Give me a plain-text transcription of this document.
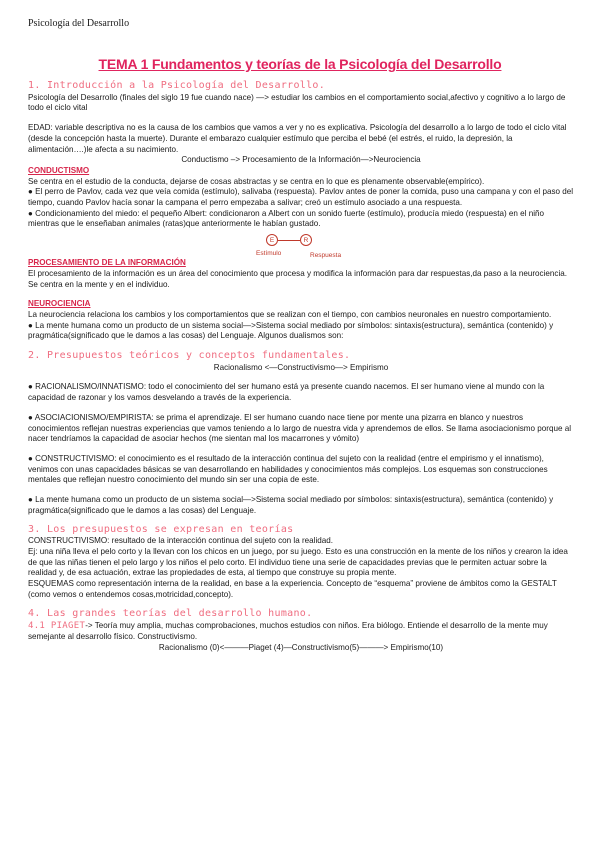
Psicología del Desarrollo
TEMA 1 Fundamentos y teorías de la Psicología del Desarrollo
1. Introducción a la Psicología del Desarrollo.

Psicología del Desarrollo (finales del siglo 19 fue cuando nace) —> estudiar los cambios en el comportamiento social,afectivo y cognitivo a lo largo de todo el ciclo vital

EDAD: variable descriptiva no es la causa de los cambios que vamos a ver y no es explicativa. Psicología del desarrollo a lo largo de todo el ciclo vital (desde la concepción hasta la muerte). Durante el embarazo cualquier estímulo que perciba el bebé (el estrés, el ruido, la depresión, la alimentación….)le afecta a su nacimiento.

Conductismo –> Procesamiento de la Información—>Neurociencia

CONDUCTISMO

Se centra en el estudio de la conducta, dejarse de cosas abstractas y se centra en lo que es plenamente observable(empírico).

● El perro de Pavlov, cada vez que veía comida (estímulo), salivaba (respuesta). Pavlov antes de poner la comida, puso una campana y con el paso del tiempo, cuando Pavlov hacía sonar la campana el perro empezaba a salivar; creó un estímulo asociado a una respuesta.

● Condicionamiento del miedo: el pequeño Albert: condicionaron a Albert con un sonido fuerte (estímulo), producía miedo (respuesta) en el niño mientras que le enseñaban animales (ratas)que anteriormente le habían gustado.

E	R
Estímulo	Respuesta
PROCESAMIENTO DE LA INFORMACIÓN

El procesamiento de la información es un área del conocimiento que procesa y modifica la información para dar respuestas,da paso a la neurociencia. Se centra en la mente y en el individuo.

NEUROCIENCIA

La neurociencia relaciona los cambios y los comportamientos que se realizan con el tiempo, con cambios neuronales en nuestro comportamiento.

● La mente humana como un producto de un sistema social—>Sistema social mediado por símbolos: sintaxis(estructura), semántica (contenido) y pragmática(significado que le damos a las cosas) del Lenguaje. Algunos dualismos son:

2. Presupuestos teóricos y conceptos fundamentales.

Racionalismo <—Constructivismo—> Empirismo

● RACIONALISMO/INNATISMO: todo el conocimiento del ser humano está ya presente cuando nacemos. El ser humano viene al mundo con la capacidad de razonar y los vamos desvelando a través de la experiencia.

● ASOCIACIONISMO/EMPIRISTA: se prima el aprendizaje. El ser humano cuando nace tiene por mente una pizarra en blanco y nuestros conocimientos reflejan nuestras experiencias que vamos teniendo a lo largo de nuestra vida y aprendemos de ellos. Se llama asociacionismo porque al nacer tendríamos la capacidad de asociar hechos (me sientan mal los macarrones y vómito)

● CONSTRUCTIVISMO: el conocimiento es el resultado de la interacción continua del sujeto con la realidad (entre el empirismo y el innatismo), venimos con unas capacidades básicas se van desarrollando en habilidades y conocimientos más complejos. Los esquemas son construcciones mentales que reflejan nuestro conocimiento del mundo sin ser una copia de este.

● La mente humana como un producto de un sistema social—>Sistema social mediado por símbolos: sintaxis(estructura), semántica (contenido) y pragmática(significado que le damos a las cosas) del Lenguaje.

3. Los presupuestos se expresan en teorías

CONSTRUCTIVISMO: resultado de la interacción continua del sujeto con la realidad.

Ej: una niña lleva el pelo corto y la llevan con los chicos en un juego, por su juego. Esto es una construcción en la mente de los niños y crearon la idea de que las niñas tienen el pelo largo y los niños el pelo corto. El individuo tiene una serie de capacidades previas que le permiten actuar sobre la realidad y, de esa actuación, extrae las propiedades de esta, al tiempo que construye su propia mente.

ESQUEMAS como representación interna de la realidad, en base a la experiencia. Concepto de “esquema” proviene de ámbitos como la GESTALT (como vemos o entendemos cosas,motricidad,concepto).

4. Las grandes teorías del desarrollo humano.

4.1 PIAGET-> Teoría muy amplia, muchas comprobaciones, muchos estudios con niños. Era biólogo. Entiende el desarrollo de la mente muy semejante al desarrollo físico. Constructivismo.

Racionalismo (0)<———Piaget (4)—Constructivismo(5)———> Empirismo(10)
